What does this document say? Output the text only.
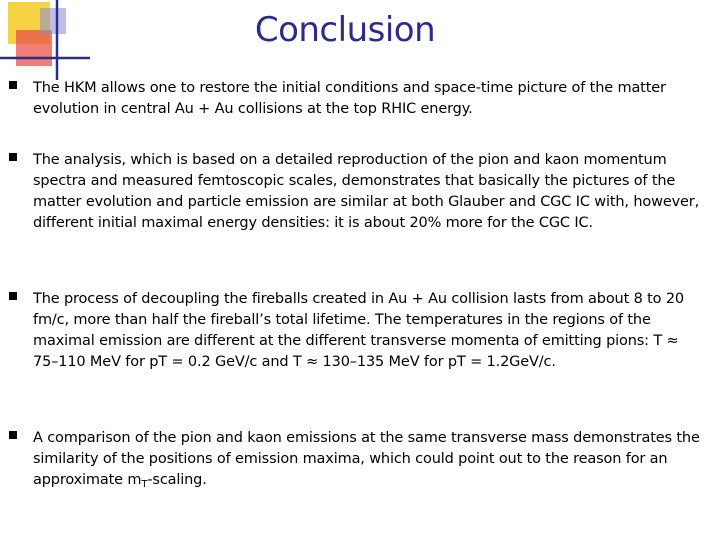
Conclusion

The HKM allows one to restore the initial conditions and space-time picture of the matter evolution in central Au + Au collisions at the top RHIC energy.

The analysis, which is based on a detailed reproduction of the pion and kaon momentum spectra and measured femtoscopic scales, demonstrates that basically the pictures of the matter evolution and particle emission are similar at both Glauber and CGC IC with, however, different initial maximal energy densities: it is about 20% more for the CGC IC.

The process of decoupling the fireballs created in Au + Au collision lasts from about 8 to 20 fm/c, more than half the fireball’s total lifetime. The temperatures in the regions of the maximal emission are different at the different transverse momenta of emitting pions: T ≈ 75–110 MeV for pT = 0.2 GeV/c and T ≈ 130–135 MeV for pT = 1.2GeV/c.

A comparison of the pion and kaon emissions at the same transverse mass demonstrates the similarity of the positions of emission maxima, which could point out to the reason for an approximate $m_T$-scaling.
